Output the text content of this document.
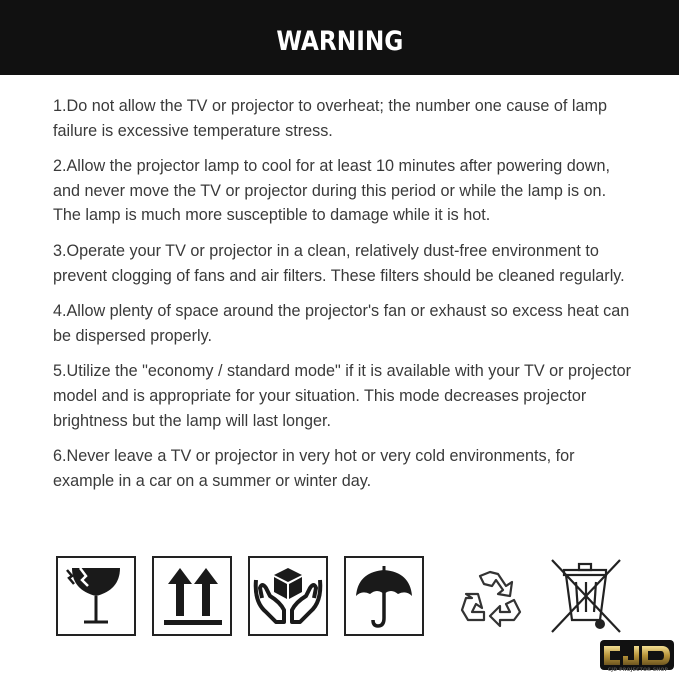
WARNING

1.Do not allow the TV or projector to overheat; the number one cause of lamp failure is excessive temperature stress.

2.Allow the projector lamp to cool for at least 10 minutes after powering down, and never move the TV or projector during this period or while the lamp is on. The lamp is much more susceptible to damage while it is hot.

3.Operate your TV or projector in a clean, relatively dust-free environment to prevent clogging of fans and air filters. These filters should be cleaned regularly.

4.Allow plenty of space around the projector's fan or exhaust so excess heat can be dispersed properly.

5.Utilize the "economy / standard mode" if it is available with your TV or projector model and is appropriate for your situation. This mode decreases projector brightness but the lamp will last longer.

6.Never leave a TV or projector in very hot or very cold environments, for example in a car on a summer or winter day.

CJD PROJECTOR SHOP
